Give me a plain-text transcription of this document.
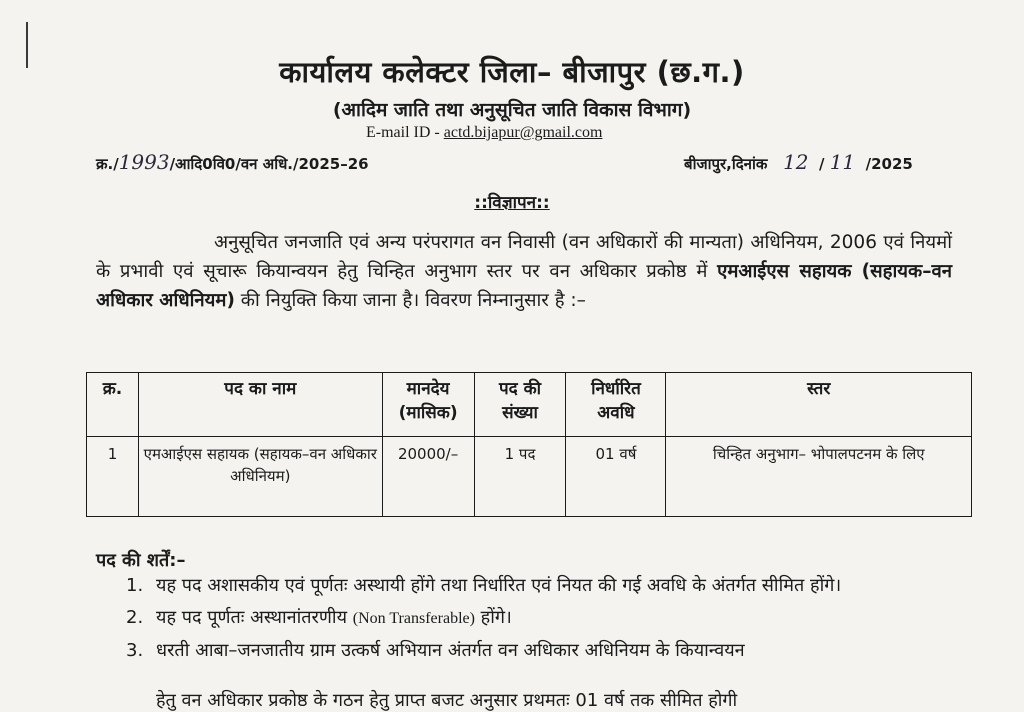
कार्यालय कलेक्टर जिला– बीजापुर (छ.ग.)
(आदिम जाति तथा अनुसूचित जाति विकास विभाग)
E-mail ID - actd.bijapur@gmail.com
क्र./1993/आदि0वि0/वन अधि./2025–26	बीजापुर,दिनांक 12  / 11 /2025
::विज्ञापन::
अनुसूचित जनजाति एवं अन्य परंपरागत वन निवासी (वन अधिकारों की मान्यता) अधिनियम, 2006 एवं नियमों के प्रभावी एवं सूचारू कियान्वयन हेतु चिन्हित अनुभाग स्तर पर वन अधिकार प्रकोष्ठ में एमआईएस सहायक (सहायक–वन अधिकार अधिनियम) की नियुक्ति किया जाना है। विवरण निम्नानुसार है :–
क्र.	पद का नाम	मानदेय (मासिक)	पद की संख्या	निर्धारित अवधि	स्तर
1	एमआईएस सहायक (सहायक–वन अधिकार अधिनियम)	20000/–	1 पद	01 वर्ष	चिन्हित अनुभाग– भोपालपटनम के लिए
पद की शर्तें:–
1. यह पद अशासकीय एवं पूर्णतः अस्थायी होंगे तथा निर्धारित एवं नियत की गई अवधि के अंतर्गत सीमित होंगे।
2. यह पद पूर्णतः अस्थानांतरणीय (Non Transferable) होंगे।
3. धरती आबा–जनजातीय ग्राम उत्कर्ष अभियान अंतर्गत वन अधिकार अधिनियम के कियान्वयन
हेतु वन अधिकार प्रकोष्ठ के गठन हेतु प्राप्त बजट अनुसार प्रथमतः 01 वर्ष तक सीमित होगी
